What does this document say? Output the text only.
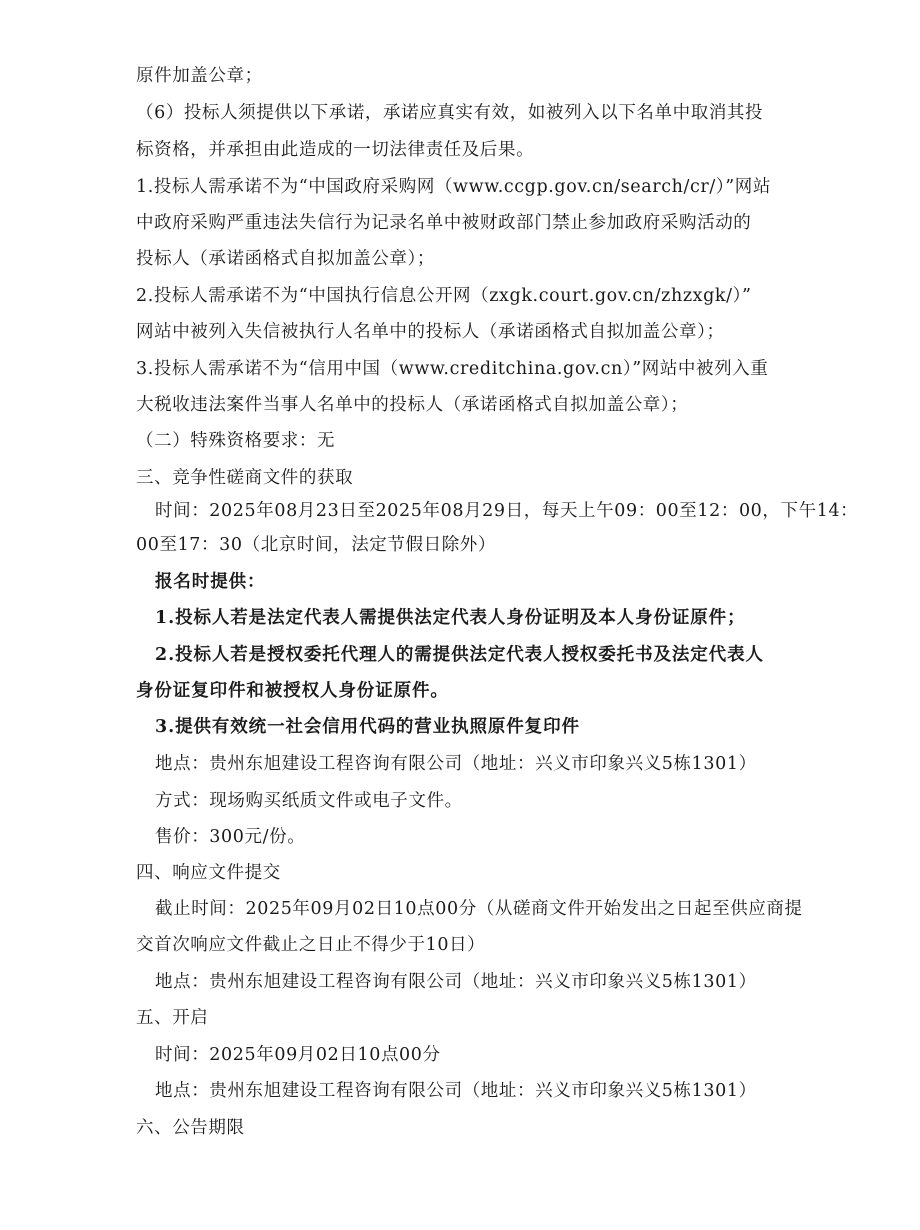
原件加盖公章；
（6）投标人须提供以下承诺，承诺应真实有效，如被列入以下名单中取消其投
标资格，并承担由此造成的一切法律责任及后果。
1.投标人需承诺不为“中国政府采购网（www.ccgp.gov.cn/search/cr/）”网站
中政府采购严重违法失信行为记录名单中被财政部门禁止参加政府采购活动的
投标人（承诺函格式自拟加盖公章）；
2.投标人需承诺不为“中国执行信息公开网（zxgk.court.gov.cn/zhzxgk/）”
网站中被列入失信被执行人名单中的投标人（承诺函格式自拟加盖公章）；
3.投标人需承诺不为“信用中国（www.creditchina.gov.cn）”网站中被列入重
大税收违法案件当事人名单中的投标人（承诺函格式自拟加盖公章）；
（二）特殊资格要求：无
三、竞争性磋商文件的获取
时间：2025年08月23日至2025年08月29日，每天上午09：00至12：00，下午14：
00至17：30（北京时间，法定节假日除外）
报名时提供：
1.投标人若是法定代表人需提供法定代表人身份证明及本人身份证原件；
2.投标人若是授权委托代理人的需提供法定代表人授权委托书及法定代表人
身份证复印件和被授权人身份证原件。
3.提供有效统一社会信用代码的营业执照原件复印件
地点：贵州东旭建设工程咨询有限公司（地址：兴义市印象兴义5栋1301）
方式：现场购买纸质文件或电子文件。
售价：300元/份。
四、响应文件提交
截止时间：2025年09月02日10点00分（从磋商文件开始发出之日起至供应商提
交首次响应文件截止之日止不得少于10日）
地点：贵州东旭建设工程咨询有限公司（地址：兴义市印象兴义5栋1301）
五、开启
时间：2025年09月02日10点00分
地点：贵州东旭建设工程咨询有限公司（地址：兴义市印象兴义5栋1301）
六、公告期限
